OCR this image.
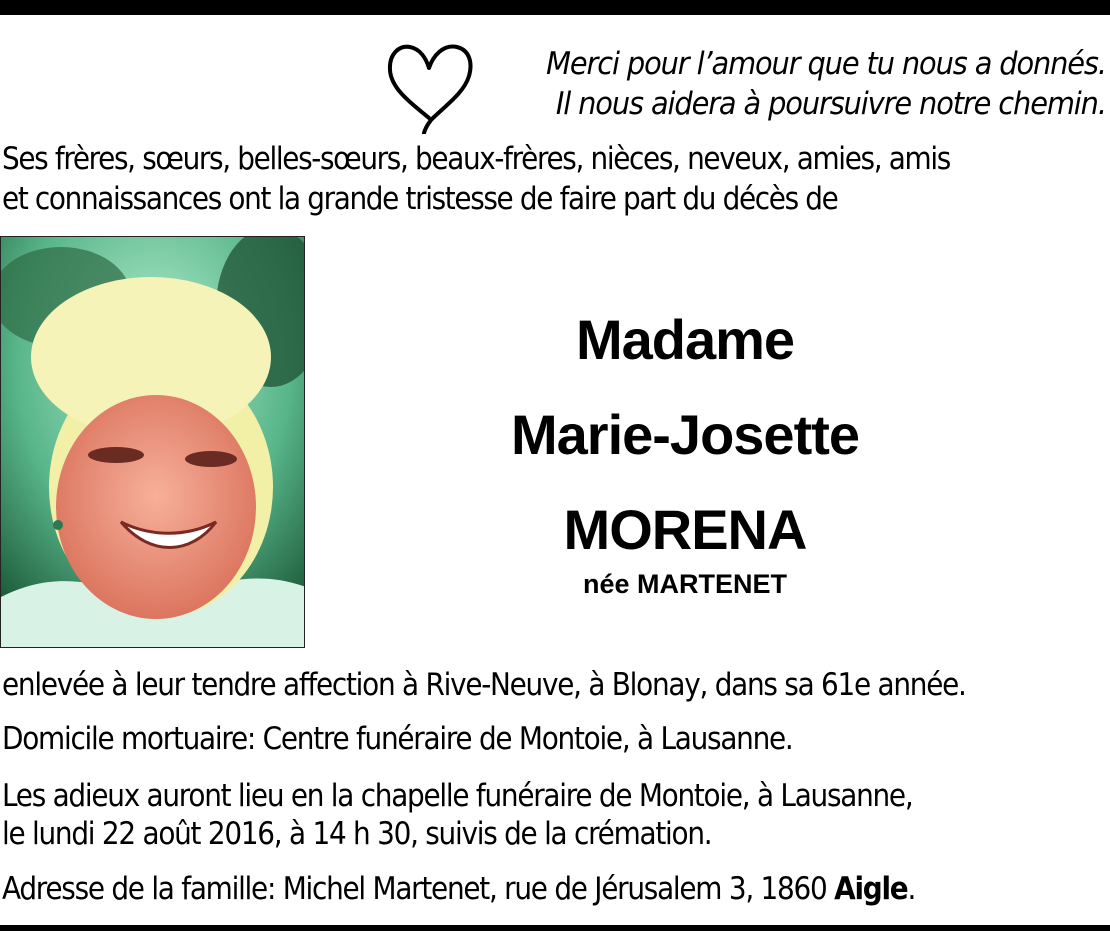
Merci pour l’amour que tu nous a donnés.
Il nous aidera à poursuivre notre chemin.
Ses frères, sœurs, belles-sœurs, beaux-frères, nièces, neveux, amies, amis
et connaissances ont la grande tristesse de faire part du décès de
Madame
Marie-Josette
MORENA
née MARTENET
enlevée à leur tendre affection à Rive-Neuve, à Blonay, dans sa 61e année.
Domicile mortuaire: Centre funéraire de Montoie, à Lausanne.
Les adieux auront lieu en la chapelle funéraire de Montoie, à Lausanne,
le lundi 22 août 2016, à 14 h 30, suivis de la crémation.
Adresse de la famille: Michel Martenet, rue de Jérusalem 3, 1860 Aigle.
